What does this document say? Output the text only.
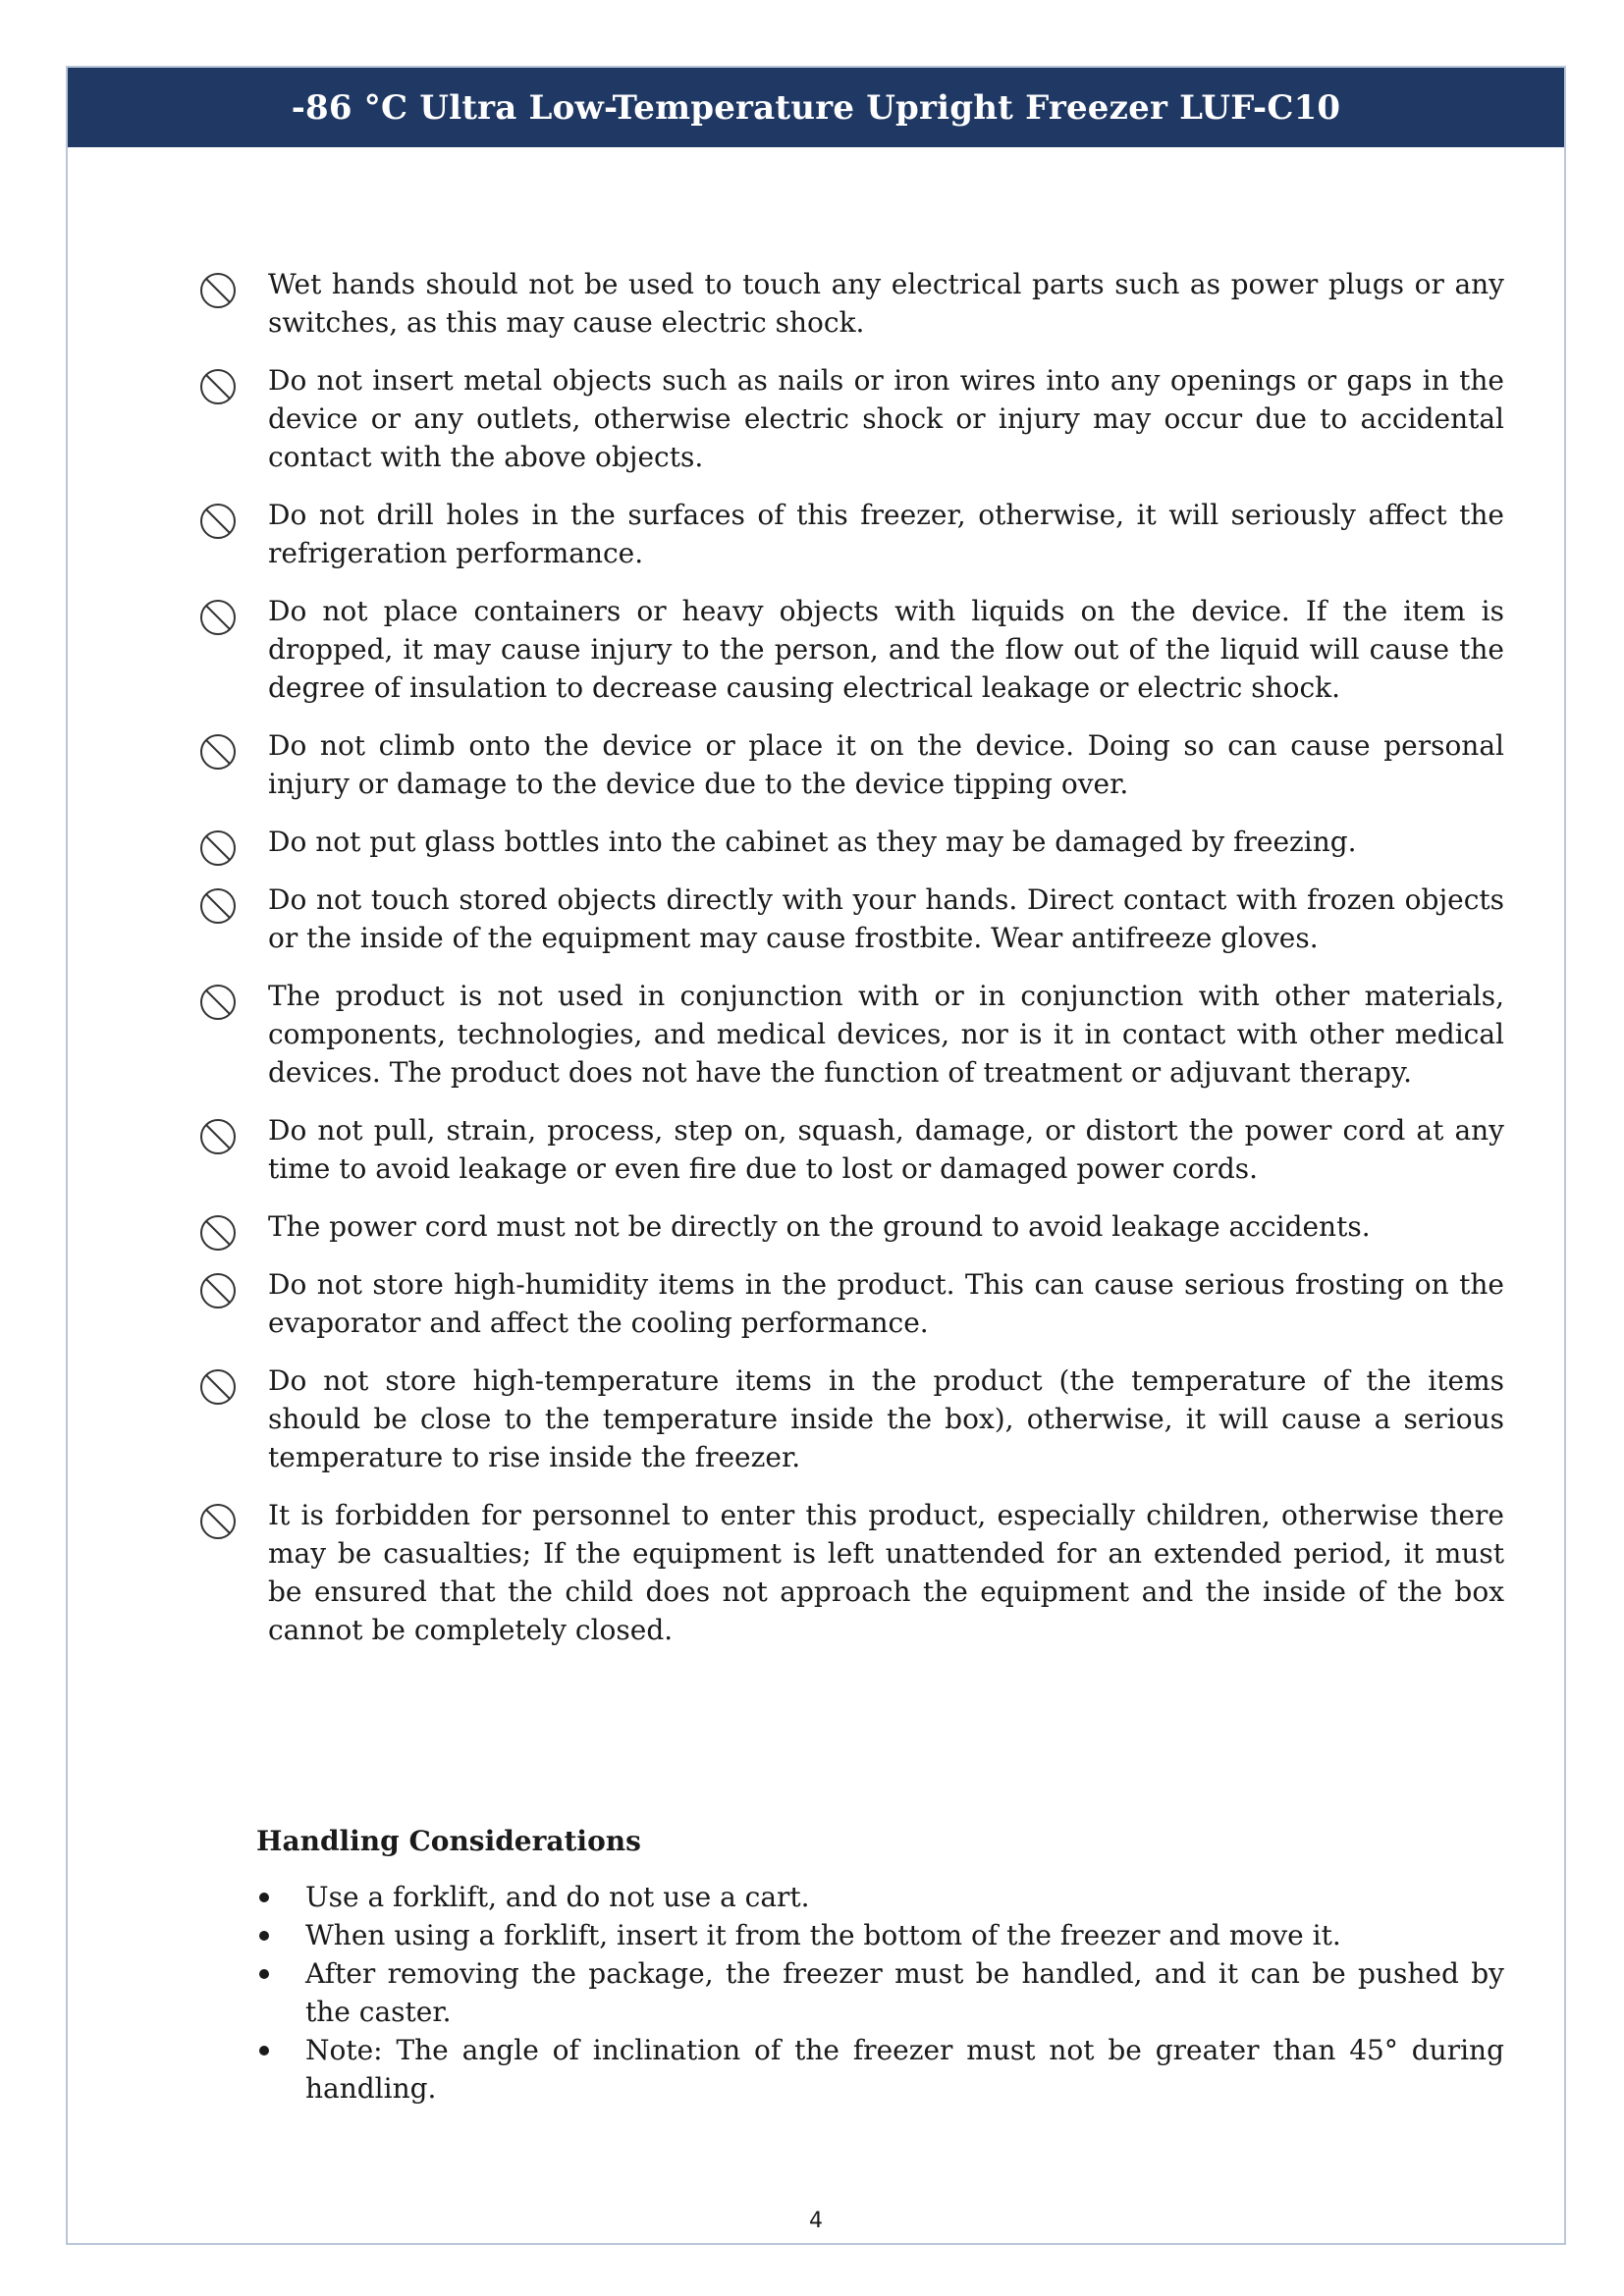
-86 °C Ultra Low-Temperature Upright Freezer LUF-C10
Wet hands should not be used to touch any electrical parts such as power plugs or any switches, as this may cause electric shock.
Do not insert metal objects such as nails or iron wires into any openings or gaps in the device or any outlets, otherwise electric shock or injury may occur due to accidental contact with the above objects.
Do not drill holes in the surfaces of this freezer, otherwise, it will seriously affect the refrigeration performance.
Do not place containers or heavy objects with liquids on the device. If the item is dropped, it may cause injury to the person, and the flow out of the liquid will cause the degree of insulation to decrease causing electrical leakage or electric shock.
Do not climb onto the device or place it on the device. Doing so can cause personal injury or damage to the device due to the device tipping over.
Do not put glass bottles into the cabinet as they may be damaged by freezing.
Do not touch stored objects directly with your hands. Direct contact with frozen objects or the inside of the equipment may cause frostbite. Wear antifreeze gloves.
The product is not used in conjunction with or in conjunction with other materials, components, technologies, and medical devices, nor is it in contact with other medical devices. The product does not have the function of treatment or adjuvant therapy.
Do not pull, strain, process, step on, squash, damage, or distort the power cord at any time to avoid leakage or even fire due to lost or damaged power cords.
The power cord must not be directly on the ground to avoid leakage accidents.
Do not store high-humidity items in the product. This can cause serious frosting on the evaporator and affect the cooling performance.
Do not store high-temperature items in the product (the temperature of the items should be close to the temperature inside the box), otherwise, it will cause a serious temperature to rise inside the freezer.
It is forbidden for personnel to enter this product, especially children, otherwise there may be casualties; If the equipment is left unattended for an extended period, it must be ensured that the child does not approach the equipment and the inside of the box cannot be completely closed.
Handling Considerations
Use a forklift, and do not use a cart.
When using a forklift, insert it from the bottom of the freezer and move it.
After removing the package, the freezer must be handled, and it can be pushed by the caster.
Note: The angle of inclination of the freezer must not be greater than 45° during handling.
4
